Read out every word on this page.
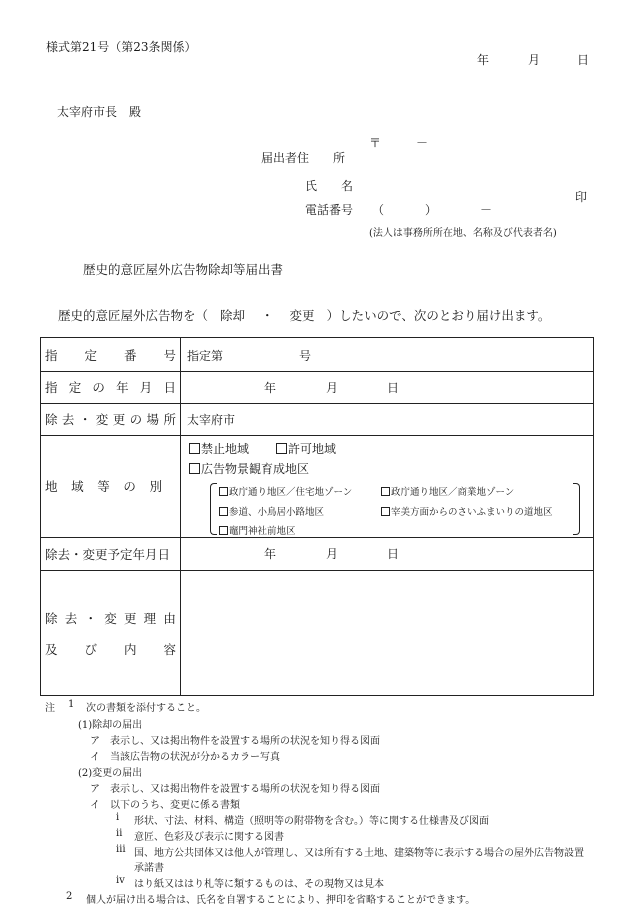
様式第21号（第23条関係）
年	月	日
太宰府市長　殿
〒	－
届出者住　　所
氏　　名
印
電話番号 （	）	－
(法人は事務所所在地、名称及び代表者名)
歴史的意匠屋外広告物除却等届出書
歴史的意匠屋外広告物を（ 除却 ・ 変更 ）したいので、次のとおり届け出ます。
指 定 番 号 指定第	号
指 定 の 年 月 日	年	月	日
除 去 ・ 変 更 の 場 所 太宰府市
地 域 等 の 別
禁止地域	許可地域
広告物景観育成地区
政庁通り地区／住宅地ゾーン	政庁通り地区／商業地ゾーン
参道、小鳥居小路地区	宰美方面からのさいふまいりの道地区
竈門神社前地区
除去・変更予定年月日	年	月	日
除 去 ・ 変 更 理 由
及 び 内 容
注 1 次の書類を添付すること。
(1)除却の届出
ア 表示し、又は掲出物件を設置する場所の状況を知り得る図面
イ 当該広告物の状況が分かるカラー写真
(2)変更の届出
ア 表示し、又は掲出物件を設置する場所の状況を知り得る図面
イ 以下のうち、変更に係る書類
ⅰ 形状、寸法、材料、構造（照明等の附帯物を含む。）等に関する仕様書及び図面
ⅱ 意匠、色彩及び表示に関する図書
ⅲ 国、地方公共団体又は他人が管理し、又は所有する土地、建築物等に表示する場合の屋外広告物設置
承諾書
ⅳ はり紙又ははり札等に類するものは、その現物又は見本
2 個人が届け出る場合は、氏名を自署することにより、押印を省略することができます。
